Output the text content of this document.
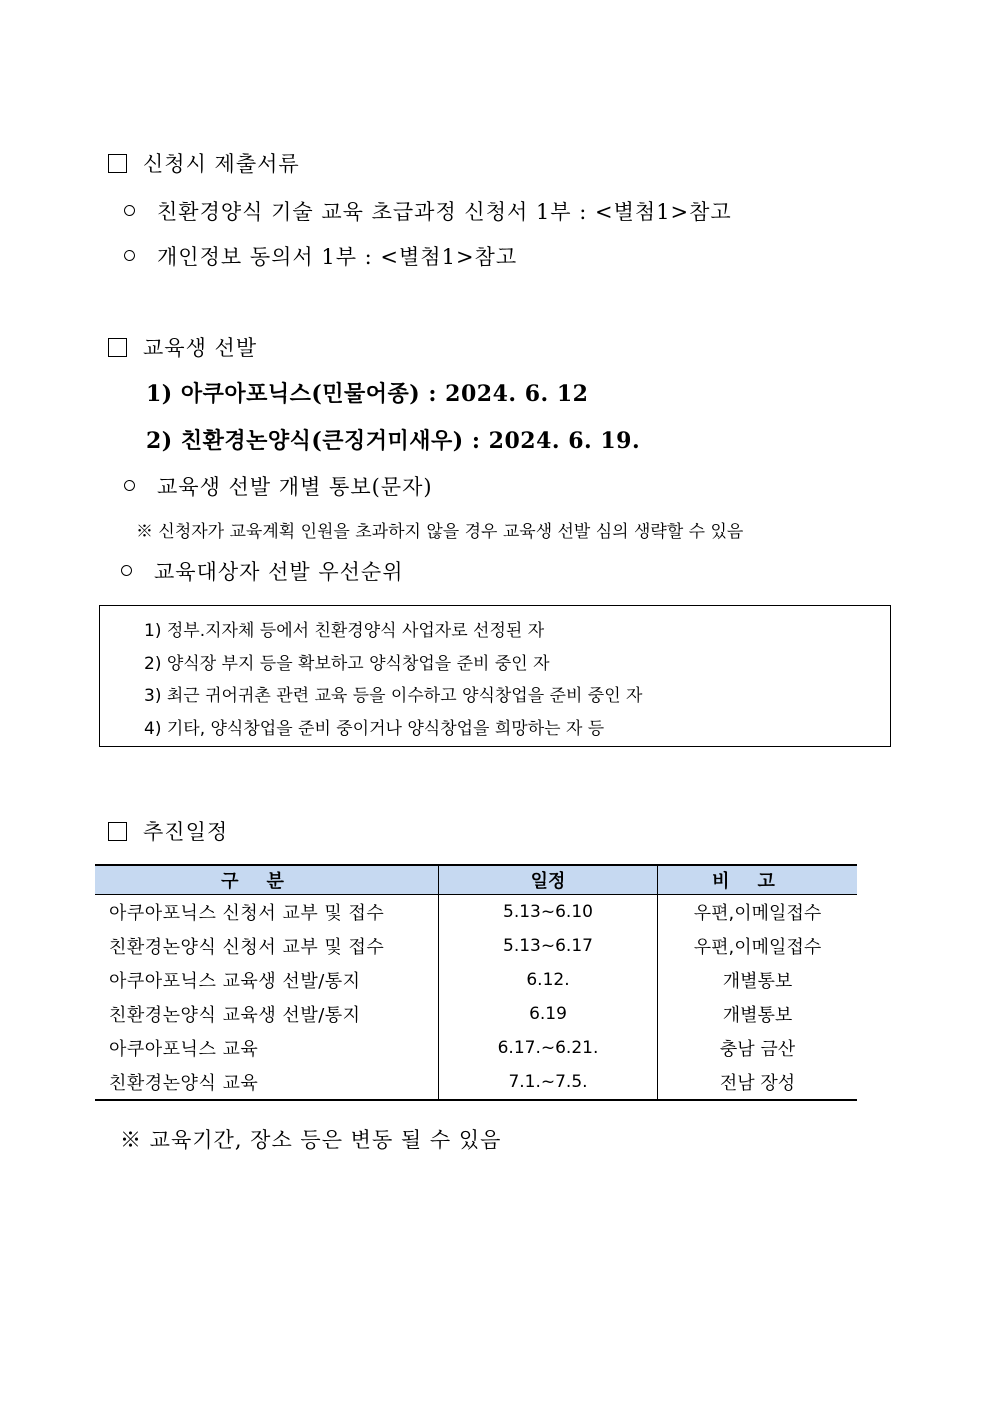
신청시 제출서류
친환경양식 기술 교육 초급과정 신청서 1부 : <별첨1>참고
개인정보 동의서 1부 : <별첨1>참고
교육생 선발
1) 아쿠아포닉스(민물어종) : 2024. 6. 12
2) 친환경논양식(큰징거미새우) : 2024. 6. 19.
교육생 선발 개별 통보(문자)
※ 신청자가 교육계획 인원을 초과하지 않을 경우 교육생 선발 심의 생략할 수 있음
교육대상자 선발 우선순위
1) 정부.지자체 등에서 친환경양식 사업자로 선정된 자
2) 양식장 부지 등을 확보하고 양식창업을 준비 중인 자
3) 최근 귀어귀촌 관련 교육 등을 이수하고 양식창업을 준비 중인 자
4) 기타, 양식창업을 준비 중이거나 양식창업을 희망하는 자 등
추진일정
구분	일정	비고
아쿠아포닉스 신청서 교부 및 접수	5.13~6.10	우편,이메일접수
친환경논양식 신청서 교부 및 접수	5.13~6.17	우편,이메일접수
아쿠아포닉스 교육생 선발/통지	6.12.	개별통보
친환경논양식 교육생 선발/통지	6.19	개별통보
아쿠아포닉스 교육	6.17.~6.21.	충남 금산
친환경논양식 교육	7.1.~7.5.	전남 장성
※ 교육기간, 장소 등은 변동 될 수 있음
